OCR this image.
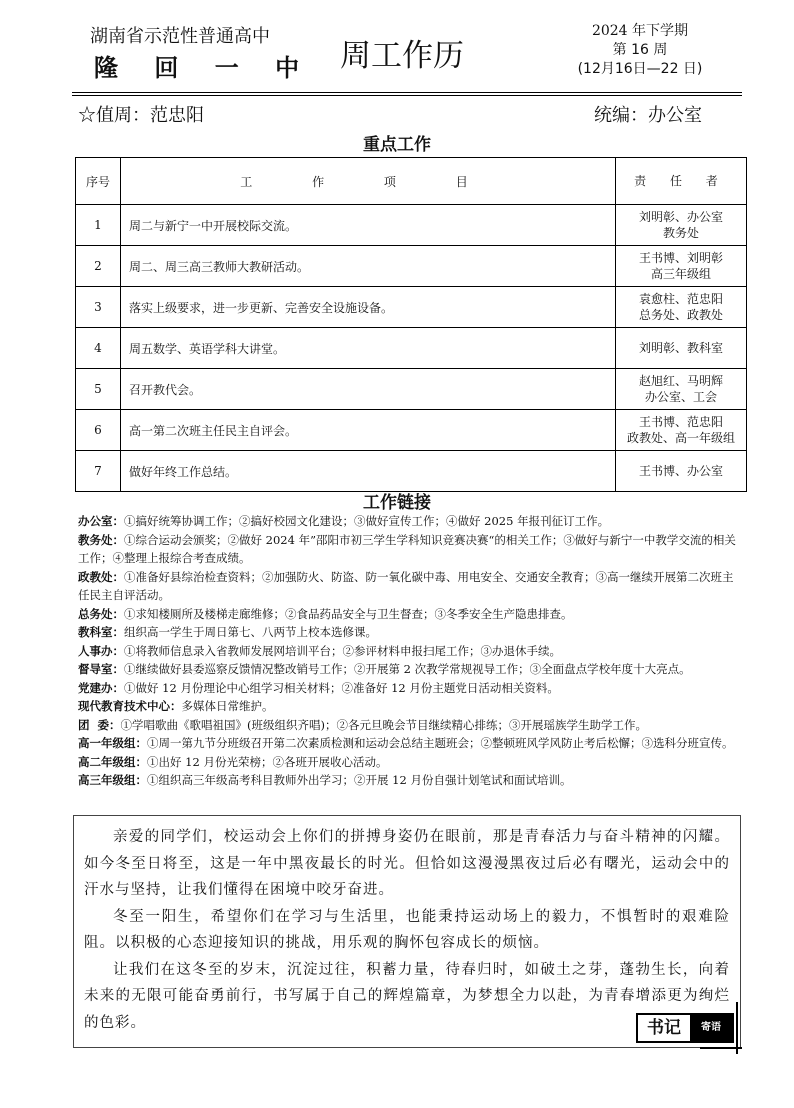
湖南省示范性普通高中
隆 回 一 中 周工作历
2024 年下学期
第 16 周
(12月16日—22 日)
☆值周：范忠阳	统编：办公室
重点工作
序号	工 作 项 目	责 任 者
1	周二与新宁一中开展校际交流。	刘明彰、办公室
教务处

2	周二、周三高三教师大教研活动。	王书博、刘明彰
高三年级组

3	落实上级要求，进一步更新、完善安全设施设备。	袁愈柱、范忠阳
总务处、政教处

4	周五数学、英语学科大讲堂。	刘明彰、教科室

5	召开教代会。	赵旭红、马明辉
办公室、工会

6	高一第二次班主任民主自评会。	王书博、范忠阳
政教处、高一年级组

7	做好年终工作总结。	王书博、办公室
工作链接

办公室：①搞好统筹协调工作；②搞好校园文化建设；③做好宣传工作；④做好 2025 年报刊征订工作。

教务处：①综合运动会颁奖；②做好 2024 年”邵阳市初三学生学科知识竞赛决赛“的相关工作；③做好与新宁一中教学交流的相关工作；④整理上报综合考查成绩。

政教处：①准备好县综治检查资料；②加强防火、防盗、防一氧化碳中毒、用电安全、交通安全教育；③高一继续开展第二次班主任民主自评活动。

总务处：①求知楼厕所及楼梯走廊维修；②食品药品安全与卫生督查；③冬季安全生产隐患排查。

教科室：组织高一学生于周日第七、八两节上校本选修课。

人事办：①将教师信息录入省教师发展网培训平台；②参评材料申报扫尾工作；③办退休手续。

督导室：①继续做好县委巡察反馈情况整改销号工作；②开展第 2 次教学常规视导工作；③全面盘点学校年度十大亮点。

党建办：①做好 12 月份理论中心组学习相关材料；②准备好 12 月份主题党日活动相关资料。

现代教育技术中心：多媒体日常维护。

团  委：①学唱歌曲《歌唱祖国》(班级组织齐唱)；②各元旦晚会节目继续精心排练；③开展瑶族学生助学工作。

高一年级组：①周一第九节分班级召开第二次素质检测和运动会总结主题班会；②整顿班风学风防止考后松懈；③选科分班宣传。

高二年级组：①出好 12 月份光荣榜；②各班开展收心活动。

高三年级组：①组织高三年级高考科目教师外出学习；②开展 12 月份自强计划笔试和面试培训。

亲爱的同学们，校运动会上你们的拼搏身姿仍在眼前，那是青春活力与奋斗精神的闪耀。如今冬至日将至，这是一年中黑夜最长的时光。但恰如这漫漫黑夜过后必有曙光，运动会中的汗水与坚持，让我们懂得在困境中咬牙奋进。

冬至一阳生，希望你们在学习与生活里，也能秉持运动场上的毅力，不惧暂时的艰难险阻。以积极的心态迎接知识的挑战，用乐观的胸怀包容成长的烦恼。

让我们在这冬至的岁末，沉淀过往，积蓄力量，待春归时，如破土之芽，蓬勃生长，向着未来的无限可能奋勇前行，书写属于自己的辉煌篇章，为梦想全力以赴，为青春增添更为绚烂的色彩。	书记	寄语
